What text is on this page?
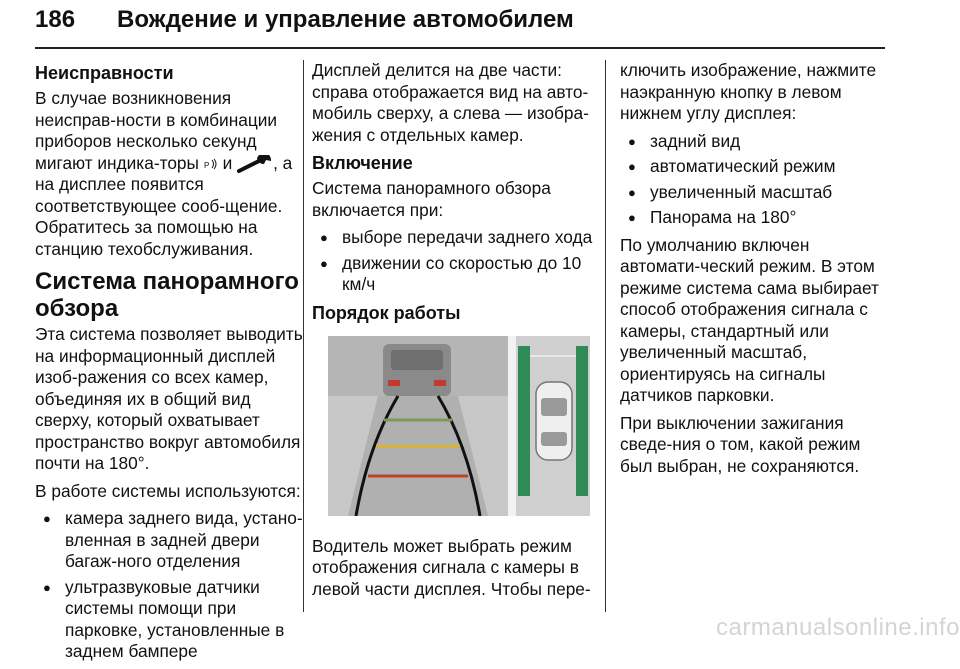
186 Вождение и управление автомобилем
Неисправности

В случае возникновения неисправ-ности в комбинации приборов несколько секунд мигают индика-торы P и , а на дисплее появится соответствующее сооб-щение. Обратитесь за помощью на станцию техобслуживания.

Система панорамного обзора

Эта система позволяет выводить на информационный дисплей изоб-ражения со всех камер, объединяя их в общий вид сверху, который охватывает пространство вокруг автомобиля почти на 180°.

В работе системы используются:

● камера заднего вида, устано-вленная в задней двери багаж-ного отделения
● ультразвуковые датчики системы помощи при парковке, установленные в заднем бампере

Дисплей делится на две части: справа отображается вид на авто-мобиль сверху, а слева — изобра-жения с отдельных камер.

Включение

Система панорамного обзора включается при:

● выборе передачи заднего хода
● движении со скоростью до 10 км/ч
Порядок работы

Водитель может выбрать режим отображения сигнала с камеры в левой части дисплея. Чтобы пере-

ключить изображение, нажмите наэкранную кнопку в левом нижнем углу дисплея:

● задний вид
● автоматический режим
● увеличенный масштаб
● Панорама на 180°

По умолчанию включен автомати-ческий режим. В этом режиме система сама выбирает способ отображения сигнала с камеры, стандартный или увеличенный масштаб, ориентируясь на сигналы датчиков парковки.

При выключении зажигания сведе-ния о том, какой режим был выбран, не сохраняются.

carmanualsonline.info
